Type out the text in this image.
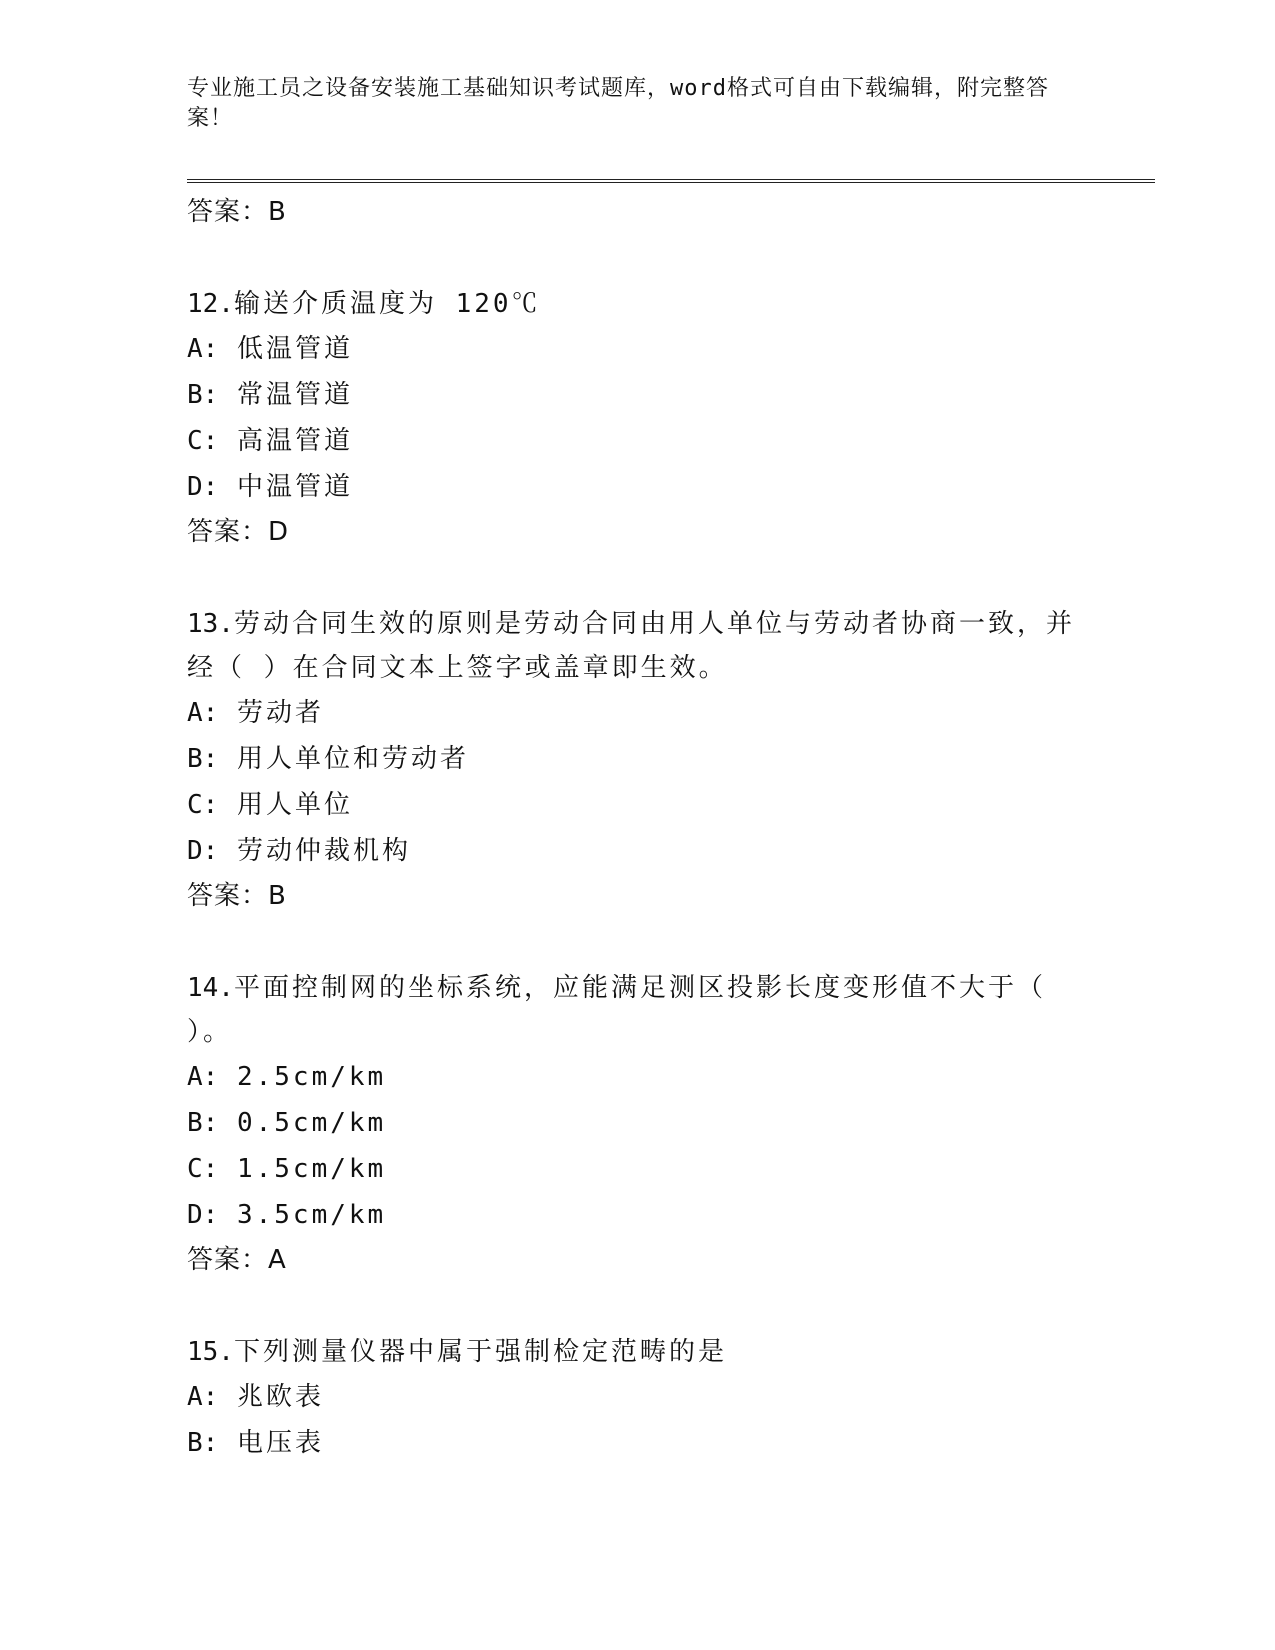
专业施工员之设备安装施工基础知识考试题库，word格式可自由下载编辑，附完整答案！
答案：B
12.输送介质温度为 120℃
A: 低温管道
B: 常温管道
C: 高温管道
D: 中温管道
答案：D
13.劳动合同生效的原则是劳动合同由用人单位与劳动者协商一致，并经（ ）在合同文本上签字或盖章即生效。
A: 劳动者
B: 用人单位和劳动者
C: 用人单位
D: 劳动仲裁机构
答案：B
14.平面控制网的坐标系统，应能满足测区投影长度变形值不大于（ ）。
A: 2.5cm/km
B: 0.5cm/km
C: 1.5cm/km
D: 3.5cm/km
答案：A
15.下列测量仪器中属于强制检定范畴的是
A: 兆欧表
B: 电压表
